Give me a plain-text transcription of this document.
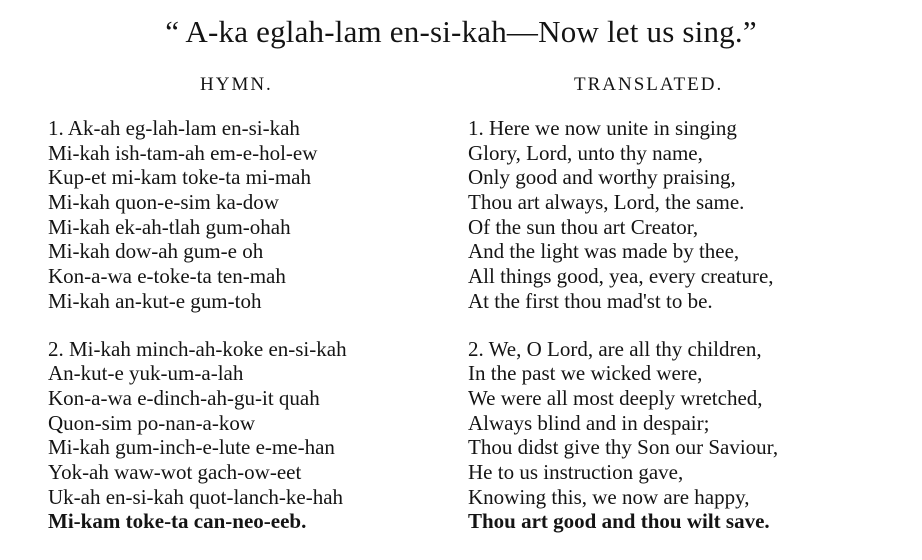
“ A-ka eglah-lam en-si-kah—Now let us sing.”
HYMN.	TRANSLATED.
1. Ak-ah eg-lah-lam en-si-kah
Mi-kah ish-tam-ah em-e-hol-ew
Kup-et mi-kam toke-ta mi-mah
Mi-kah quon-e-sim ka-dow
Mi-kah ek-ah-tlah gum-ohah
Mi-kah dow-ah gum-e oh
Kon-a-wa e-toke-ta ten-mah
Mi-kah an-kut-e gum-toh
2. Mi-kah minch-ah-koke en-si-kah
An-kut-e yuk-um-a-lah
Kon-a-wa e-dinch-ah-gu-it quah
Quon-sim po-nan-a-kow
Mi-kah gum-inch-e-lute e-me-han
Yok-ah waw-wot gach-ow-eet
Uk-ah en-si-kah quot-lanch-ke-hah
Mi-kam toke-ta can-neo-eeb.
1. Here we now unite in singing
Glory, Lord, unto thy name,
Only good and worthy praising,
Thou art always, Lord, the same.
Of the sun thou art Creator,
And the light was made by thee,
All things good, yea, every creature,
At the first thou mad'st to be.
2. We, O Lord, are all thy children,
In the past we wicked were,
We were all most deeply wretched,
Always blind and in despair;
Thou didst give thy Son our Saviour,
He to us instruction gave,
Knowing this, we now are happy,
Thou art good and thou wilt save.
